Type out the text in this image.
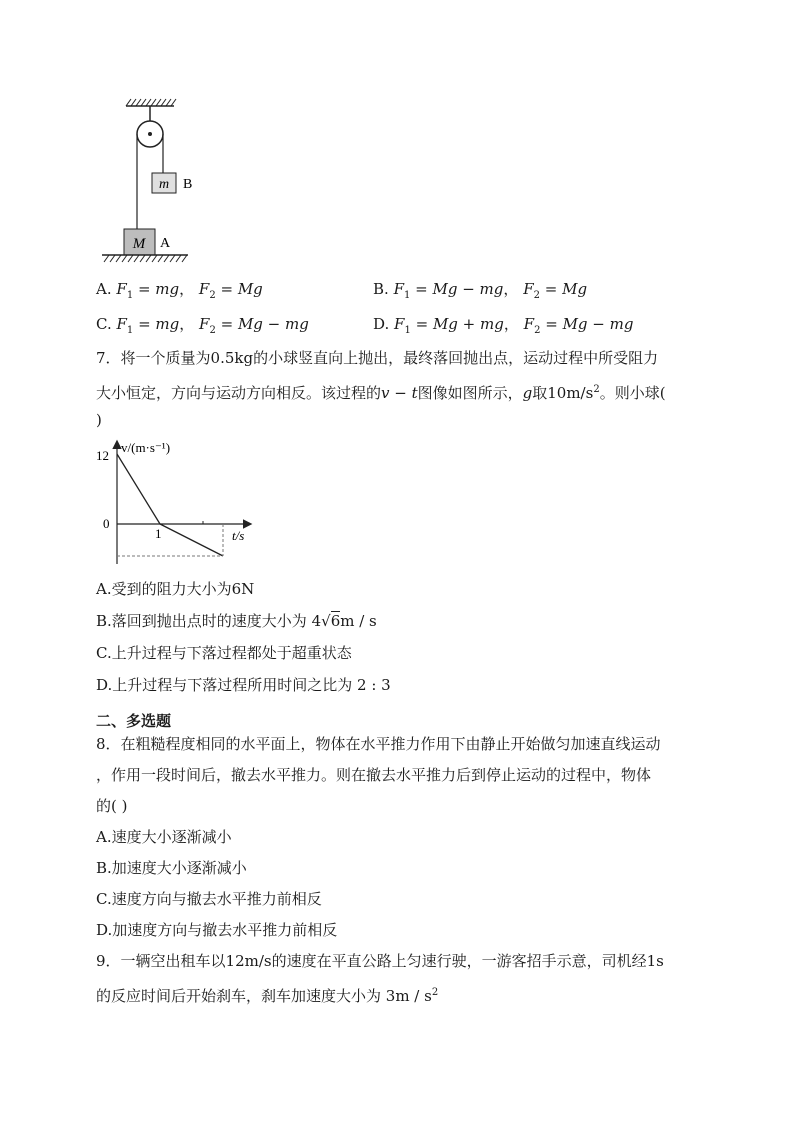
m B
M A
A. $F_1$ = mg， $F_2 = Mg$	B. $F_1 = Mg$ − mg， $F_2 = Mg$
C. $F_1$ = mg， $F_2 = Mg$ − mg	D. $F_1 = Mg$ + mg， $F_2 = Mg$ − mg
7．将一个质量为0.5kg的小球竖直向上抛出，最终落回抛出点，运动过程中所受阻力
大小恒定，方向与运动方向相反。该过程的v − t图像如图所示，g取$10m/s^2$。则小球(
)
v/(m·s⁻¹)
t/s
12
0
1
A.受到的阻力大小为6N
B.落回到抛出点时的速度大小为 4√6m / s
C.上升过程与下落过程都处于超重状态
D.上升过程与下落过程所用时间之比为 2 : 3
二、多选题
8．在粗糙程度相同的水平面上，物体在水平推力作用下由静止开始做匀加速直线运动
，作用一段时间后，撤去水平推力。则在撤去水平推力后到停止运动的过程中，物体
的( )
A.速度大小逐渐减小
B.加速度大小逐渐减小
C.速度方向与撤去水平推力前相反
D.加速度方向与撤去水平推力前相反
9．一辆空出租车以12m/s的速度在平直公路上匀速行驶，一游客招手示意，司机经1s
的反应时间后开始刹车，刹车加速度大小为 $3m / s^2$
